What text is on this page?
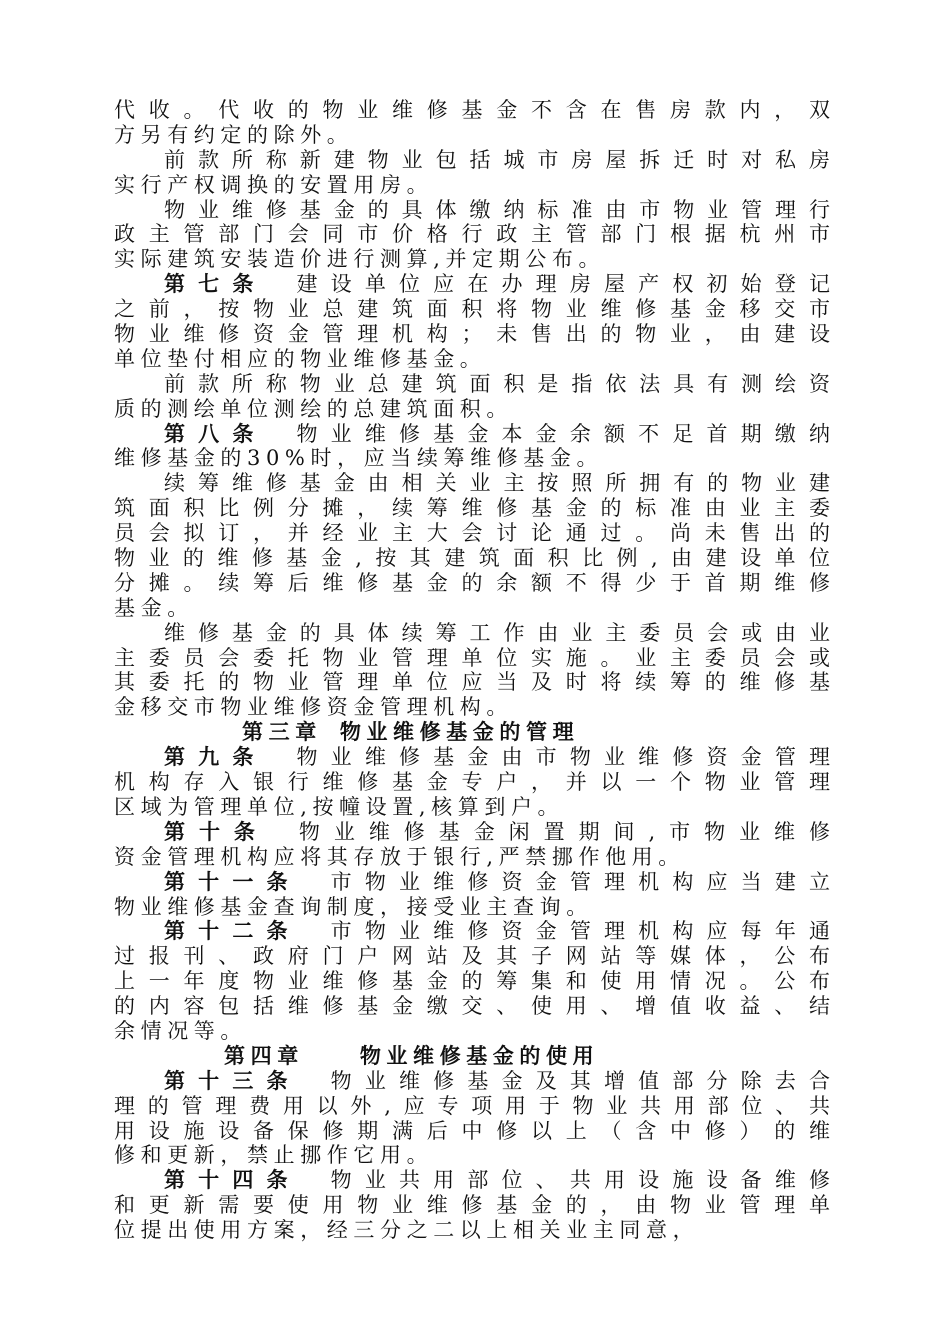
代收。代收的物业维修基金不含在售房款内，双
方另有约定的除外。
前款所称新建物业包括城市房屋拆迁时对私房
实行产权调换的安置用房。
物业维修基金的具体缴纳标准由市物业管理行
政主管部门会同市价格行政主管部门根据杭州市
实际建筑安装造价进行测算,并定期公布。
第七条 建设单位应在办理房屋产权初始登记
之前，按物业总建筑面积将物业维修基金移交市
物业维修资金管理机构；未售出的物业，由建设
单位垫付相应的物业维修基金。
前款所称物业总建筑面积是指依法具有测绘资
质的测绘单位测绘的总建筑面积。
第八条 物业维修基金本金余额不足首期缴纳
维修基金的30%时，应当续筹维修基金。
续筹维修基金由相关业主按照所拥有的物业建
筑面积比例分摊，续筹维修基金的标准由业主委
员会拟订，并经业主大会讨论通过。尚未售出的
物业的维修基金,按其建筑面积比例,由建设单位
分摊。续筹后维修基金的余额不得少于首期维修
基金。
维修基金的具体续筹工作由业主委员会或由业
主委员会委托物业管理单位实施。业主委员会或
其委托的物业管理单位应当及时将续筹的维修基
金移交市物业维修资金管理机构。
第三章 物业维修基金的管理
第九条 物业维修基金由市物业维修资金管理
机构存入银行维修基金专户，并以一个物业管理
区域为管理单位,按幢设置,核算到户。
第十条 物业维修基金闲置期间,市物业维修
资金管理机构应将其存放于银行,严禁挪作他用。
第十一条 市物业维修资金管理机构应当建立
物业维修基金查询制度，接受业主查询。
第十二条 市物业维修资金管理机构应每年通
过报刊、政府门户网站及其子网站等媒体，公布
上一年度物业维修基金的筹集和使用情况。公布
的内容包括维修基金缴交、使用、增值收益、结
余情况等。
第四章	物业维修基金的使用
第十三条 物业维修基金及其增值部分除去合
理的管理费用以外,应专项用于物业共用部位、共
用设施设备保修期满后中修以上（含中修）的维
修和更新，禁止挪作它用。
第十四条 物业共用部位、共用设施设备维修
和更新需要使用物业维修基金的，由物业管理单
位提出使用方案，经三分之二以上相关业主同意，
